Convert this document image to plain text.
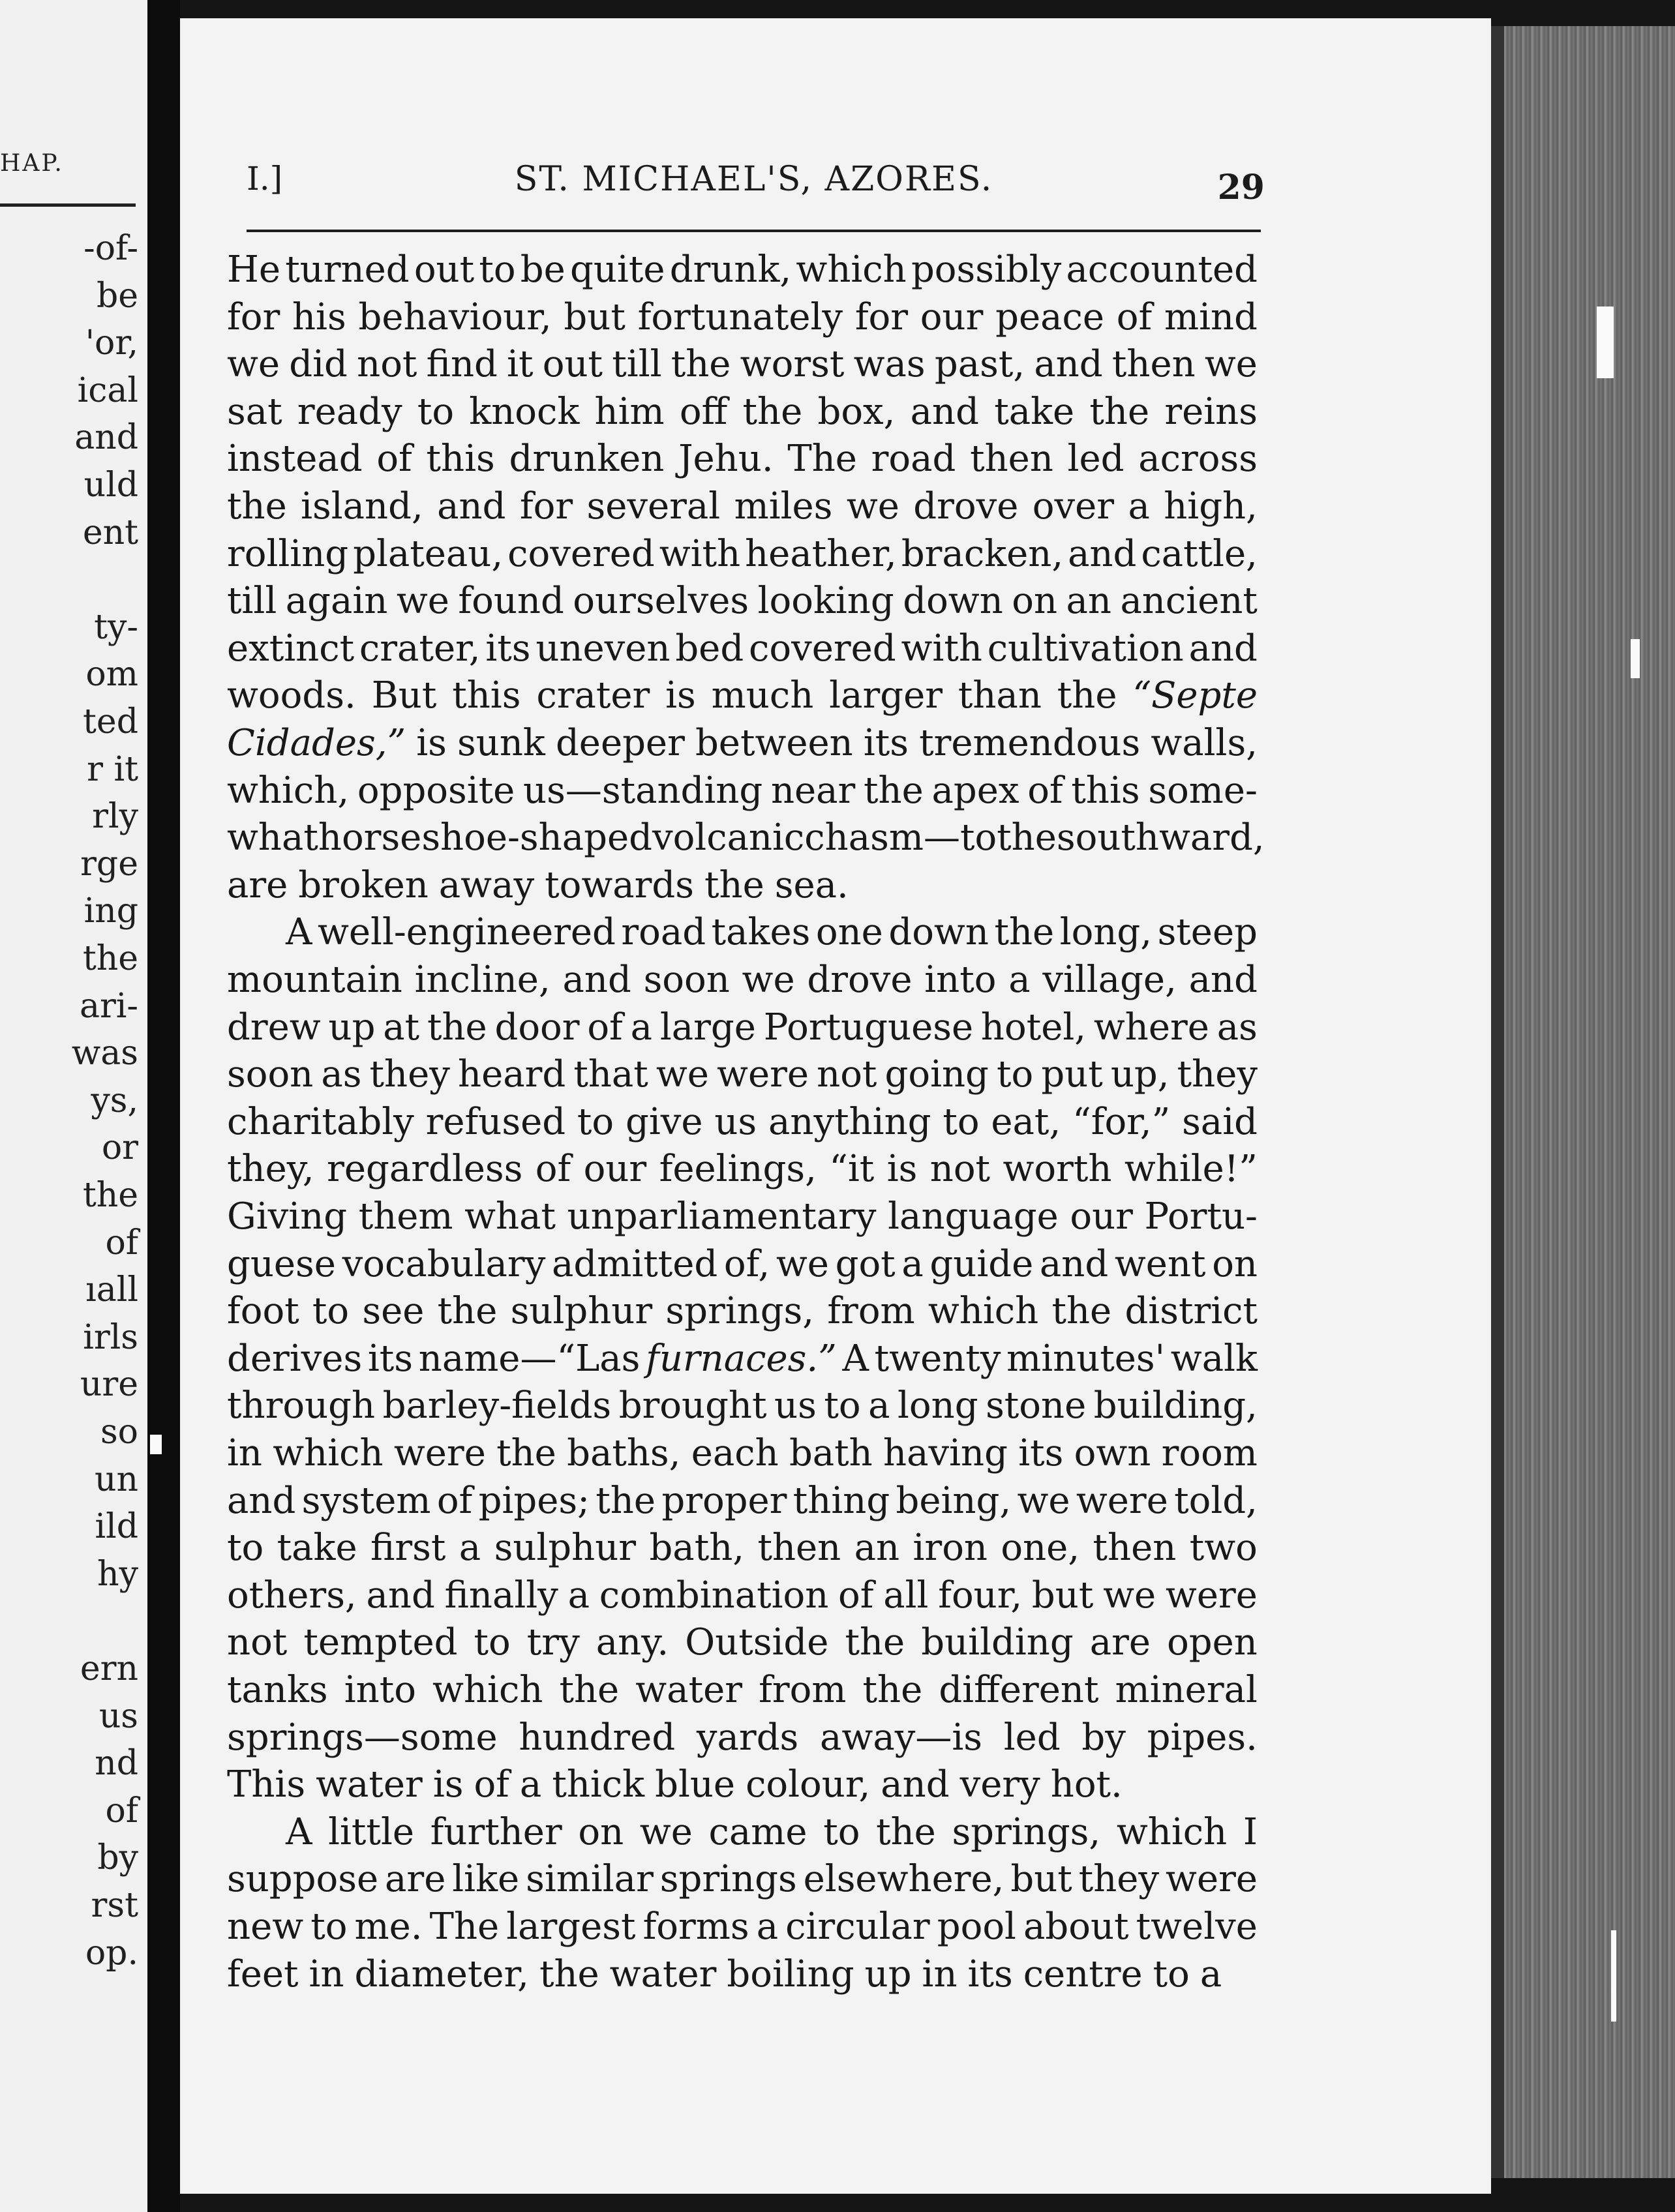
HAP.
-of-
be
'or,
ical
and
uld
ent
ty-
om
ted
r it
rly
rge
ing
the
ari-
was
ys,
or
the
of
ıall
irls
ure
so
un
ild
hy
ern
us
nd
of
by
rst
op.
I.]	ST. MICHAEL'S, AZORES.	29
He turned out to be quite drunk, which possibly accounted
for his behaviour, but fortunately for our peace of mind
we did not find it out till the worst was past, and then we
sat ready to knock him off the box, and take the reins
instead of this drunken Jehu. The road then led across
the island, and for several miles we drove over a high,
rolling plateau, covered with heather, bracken, and cattle,
till again we found ourselves looking down on an ancient
extinct crater, its uneven bed covered with cultivation and
woods. But this crater is much larger than the “Septe
Cidades,” is sunk deeper between its tremendous walls,
which, opposite us—standing near the apex of this some-
what horseshoe-shaped volcanic chasm—to the southward,
are broken away towards the sea.
A well-engineered road takes one down the long, steep
mountain incline, and soon we drove into a village, and
drew up at the door of a large Portuguese hotel, where as
soon as they heard that we were not going to put up, they
charitably refused to give us anything to eat, “for,” said
they, regardless of our feelings, “it is not worth while!”
Giving them what unparliamentary language our Portu-
guese vocabulary admitted of, we got a guide and went on
foot to see the sulphur springs, from which the district
derives its name—“Las furnaces.” A twenty minutes' walk
through barley-fields brought us to a long stone building,
in which were the baths, each bath having its own room
and system of pipes; the proper thing being, we were told,
to take first a sulphur bath, then an iron one, then two
others, and finally a combination of all four, but we were
not tempted to try any. Outside the building are open
tanks into which the water from the different mineral
springs—some hundred yards away—is led by pipes.
This water is of a thick blue colour, and very hot.
A little further on we came to the springs, which I
suppose are like similar springs elsewhere, but they were
new to me. The largest forms a circular pool about twelve
feet in diameter, the water boiling up in its centre to a
